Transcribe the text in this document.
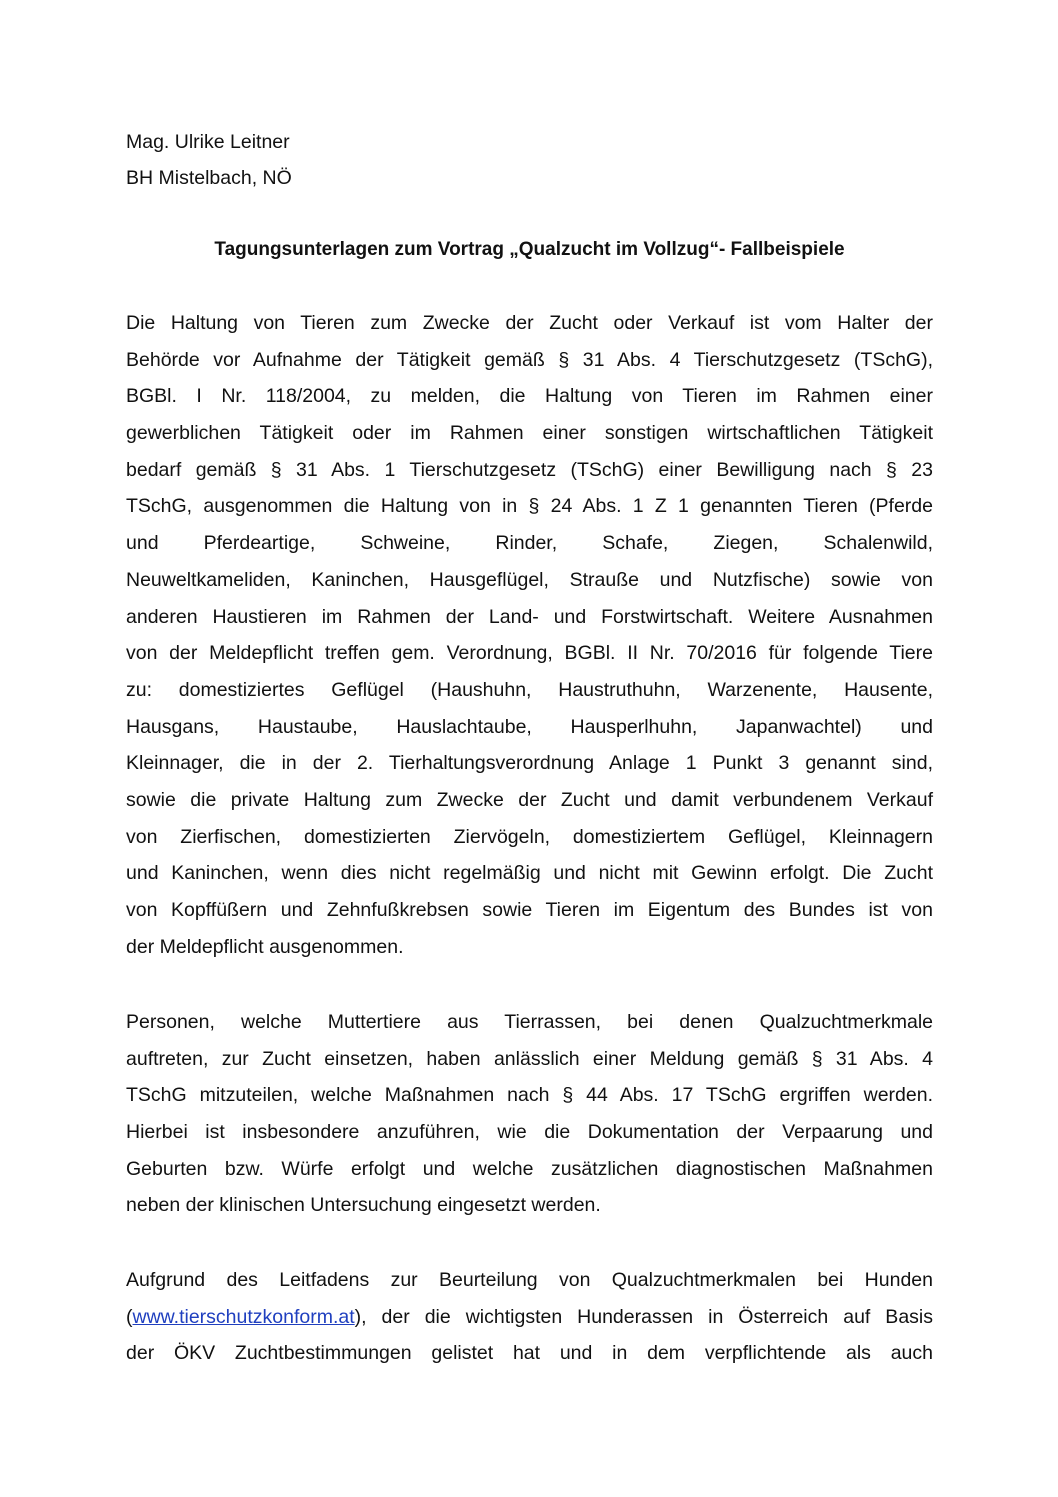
Mag. Ulrike Leitner
BH Mistelbach, NÖ
Tagungsunterlagen zum Vortrag „Qualzucht im Vollzug“- Fallbeispiele
Die Haltung von Tieren zum Zwecke der Zucht oder Verkauf ist vom Halter der
Behörde vor Aufnahme der Tätigkeit gemäß § 31 Abs. 4 Tierschutzgesetz (TSchG),
BGBl. I Nr. 118/2004, zu melden, die Haltung von Tieren im Rahmen einer
gewerblichen Tätigkeit oder im Rahmen einer sonstigen wirtschaftlichen Tätigkeit
bedarf gemäß § 31 Abs. 1 Tierschutzgesetz (TSchG) einer Bewilligung nach § 23
TSchG, ausgenommen die Haltung von in § 24 Abs. 1 Z 1 genannten Tieren (Pferde
und Pferdeartige, Schweine, Rinder, Schafe, Ziegen, Schalenwild,
Neuweltkameliden, Kaninchen, Hausgeflügel, Strauße und Nutzfische) sowie von
anderen Haustieren im Rahmen der Land- und Forstwirtschaft. Weitere Ausnahmen
von der Meldepflicht treffen gem. Verordnung, BGBl. II Nr. 70/2016 für folgende Tiere
zu: domestiziertes Geflügel (Haushuhn, Haustruthuhn, Warzenente, Hausente,
Hausgans, Haustaube, Hauslachtaube, Hausperlhuhn, Japanwachtel) und
Kleinnager, die in der 2. Tierhaltungsverordnung Anlage 1 Punkt 3 genannt sind,
sowie die private Haltung zum Zwecke der Zucht und damit verbundenem Verkauf
von Zierfischen, domestizierten Ziervögeln, domestiziertem Geflügel, Kleinnagern
und Kaninchen, wenn dies nicht regelmäßig und nicht mit Gewinn erfolgt. Die Zucht
von Kopffüßern und Zehnfußkrebsen sowie Tieren im Eigentum des Bundes ist von
der Meldepflicht ausgenommen.
Personen, welche Muttertiere aus Tierrassen, bei denen Qualzuchtmerkmale
auftreten, zur Zucht einsetzen, haben anlässlich einer Meldung gemäß § 31 Abs. 4
TSchG mitzuteilen, welche Maßnahmen nach § 44 Abs. 17 TSchG ergriffen werden.
Hierbei ist insbesondere anzuführen, wie die Dokumentation der Verpaarung und
Geburten bzw. Würfe erfolgt und welche zusätzlichen diagnostischen Maßnahmen
neben der klinischen Untersuchung eingesetzt werden.
Aufgrund des Leitfadens zur Beurteilung von Qualzuchtmerkmalen bei Hunden
(www.tierschutzkonform.at), der die wichtigsten Hunderassen in Österreich auf Basis
der ÖKV Zuchtbestimmungen gelistet hat und in dem verpflichtende als auch
